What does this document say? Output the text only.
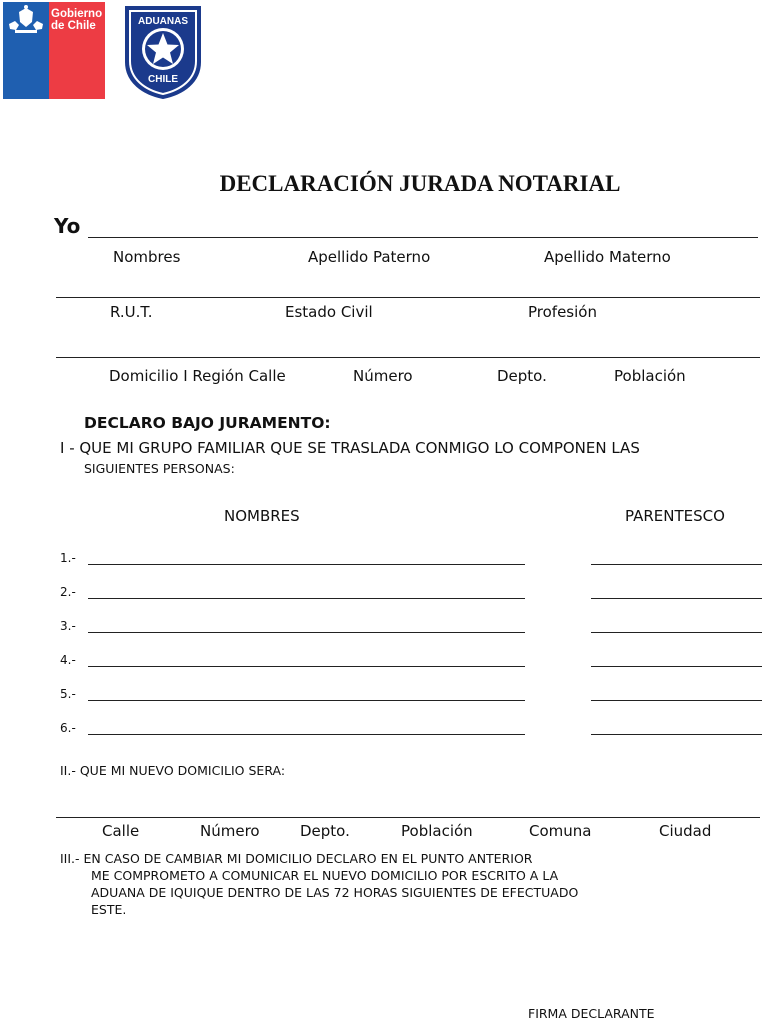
Gobierno
de Chile	ADUANAS
CHILE
DECLARACIÓN JURADA NOTARIAL
Yo
Nombres	Apellido Paterno	Apellido Materno
R.U.T.	Estado Civil	Profesión
Domicilio I Región Calle	Número	Depto.	Población
DECLARO BAJO JURAMENTO:
I - QUE MI GRUPO FAMILIAR QUE SE TRASLADA CONMIGO LO COMPONEN LAS
SIGUIENTES PERSONAS:
NOMBRES	PARENTESCO
1.-
2.-
3.-
4.-
5.-
6.-
II.- QUE MI NUEVO DOMICILIO SERA:
Calle	Número	Depto.	Población	Comuna	Ciudad
III.- EN CASO DE CAMBIAR MI DOMICILIO DECLARO EN EL PUNTO ANTERIOR
ME COMPROMETO A COMUNICAR EL NUEVO DOMICILIO POR ESCRITO A LA
ADUANA DE IQUIQUE DENTRO DE LAS 72 HORAS SIGUIENTES DE EFECTUADO
ESTE.
FIRMA DECLARANTE
